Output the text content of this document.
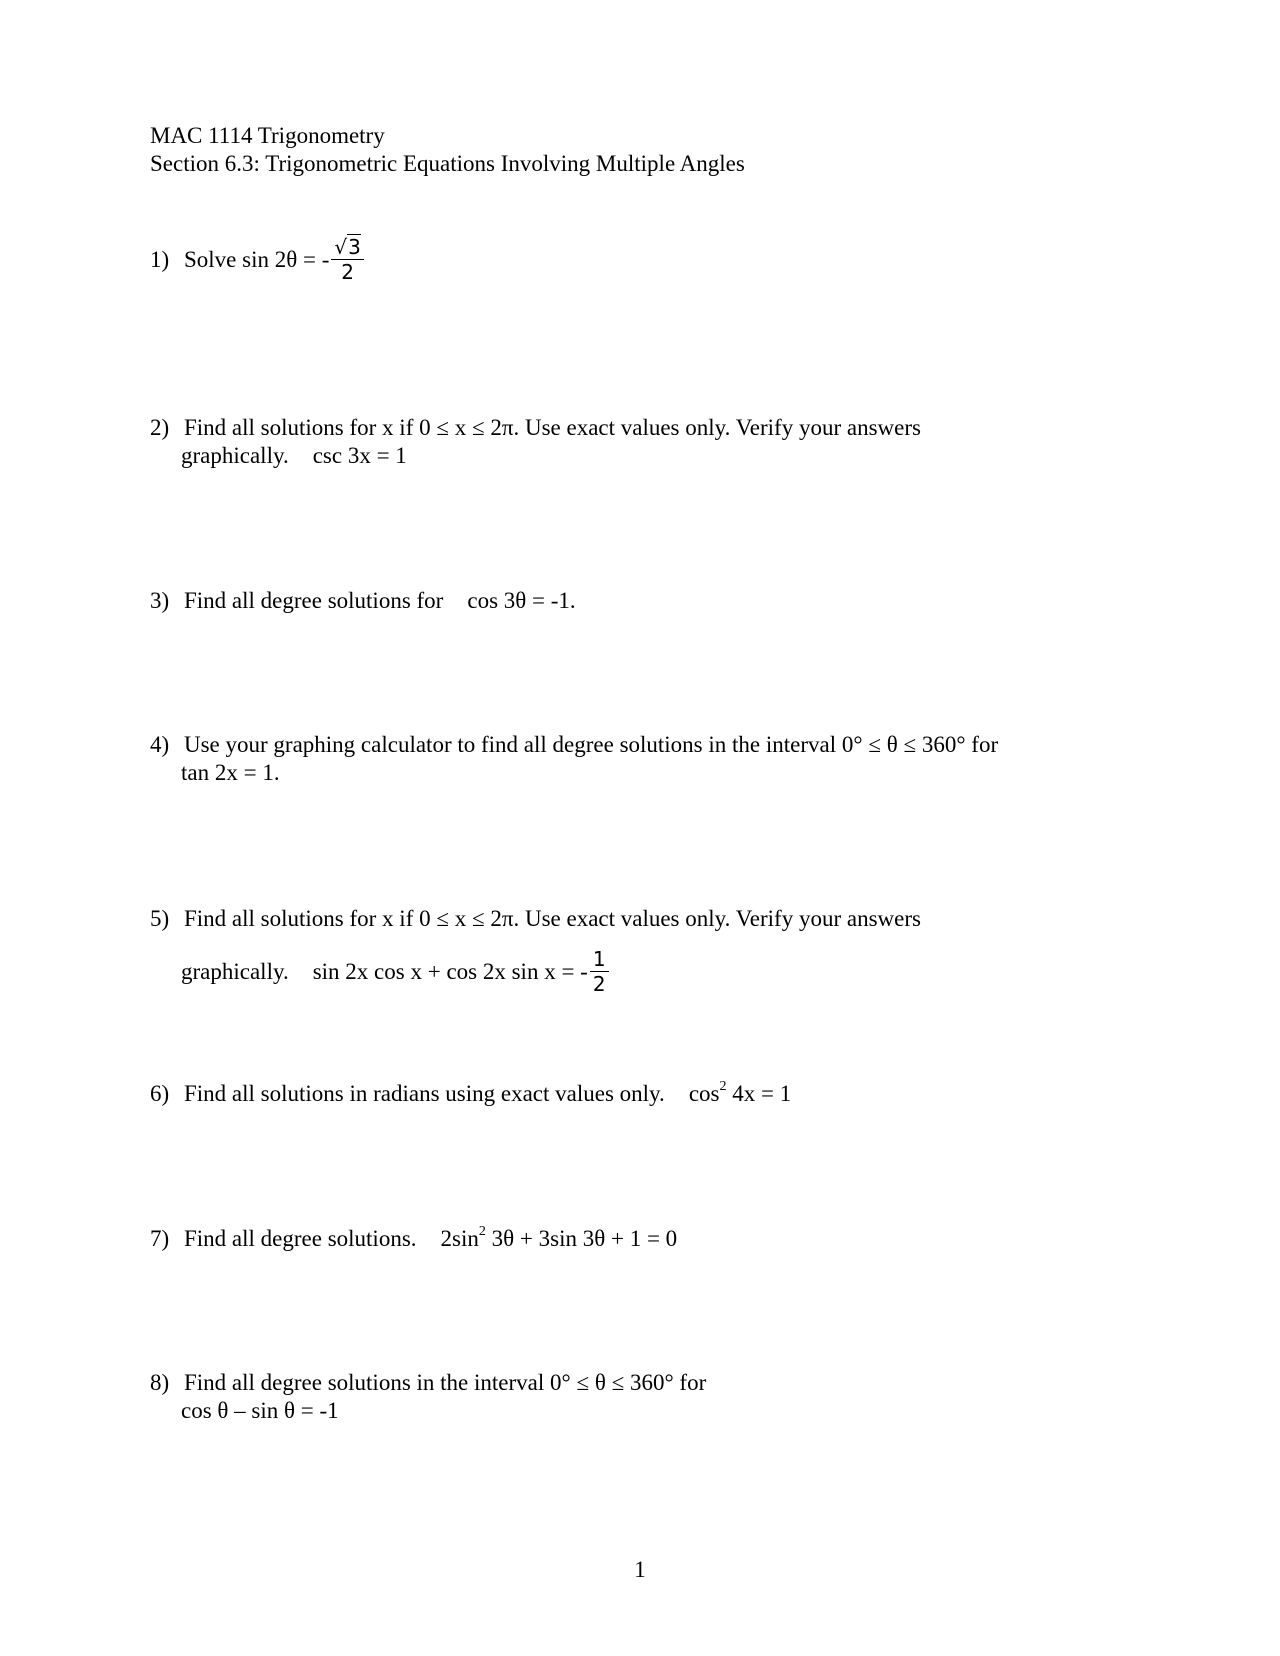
MAC 1114 Trigonometry
Section 6.3: Trigonometric Equations Involving Multiple Angles
1) Solve sin 2θ = - $\frac{√3}{2}$
2) Find all solutions for x if 0 ≤ x ≤ 2π. Use exact values only. Verify your answers
graphically. csc 3x = 1
3) Find all degree solutions for cos 3θ = -1.
4) Use your graphing calculator to find all degree solutions in the interval 0° ≤ θ ≤ 360° for
tan 2x = 1.
5) Find all solutions for x if 0 ≤ x ≤ 2π. Use exact values only. Verify your answers
graphically. sin 2x cos x + cos 2x sin x = - $\frac{1}{2}$
6) Find all solutions in radians using exact values only. $\cos^2 4x = 1$
7) Find all degree solutions. $2\sin^2$ 3θ + 3sin 3θ + 1 = 0
8) Find all degree solutions in the interval 0° ≤ θ ≤ 360° for
cos θ – sin θ = -1
1
